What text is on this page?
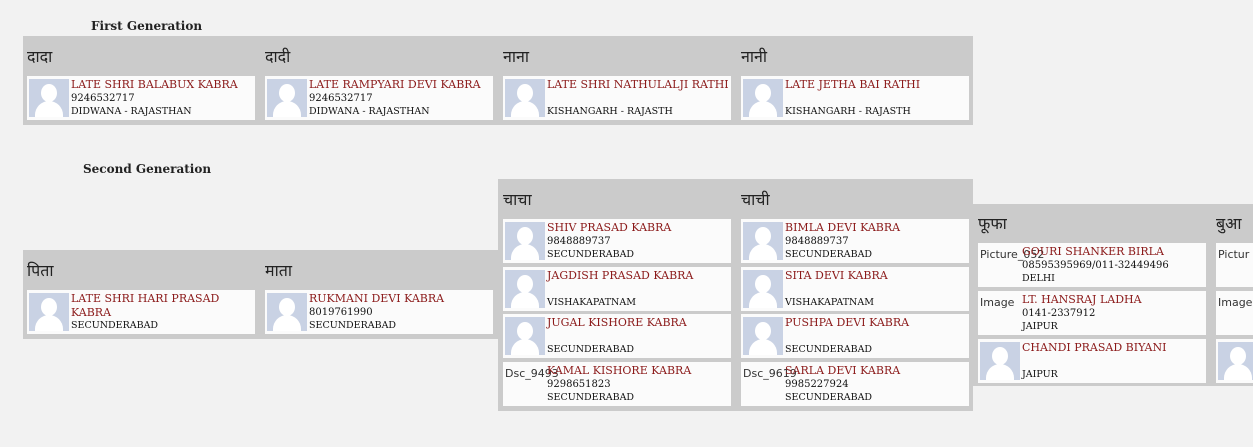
First Generation
दादा
LATE SHRI BALABUX KABRA
9246532717
DIDWANA - RAJASTHAN
दादी
LATE RAMPYARI DEVI KABRA
9246532717
DIDWANA - RAJASTHAN
नाना
LATE SHRI NATHULALJI RATHI
KISHANGARH - RAJASTH
नानी
LATE JETHA BAI RATHI
KISHANGARH - RAJASTH
Second Generation
पिता
LATE SHRI HARI PRASAD KABRA
SECUNDERABAD
माता
RUKMANI DEVI KABRA
8019761990
SECUNDERABAD
चाचा
SHIV PRASAD KABRA
9848889737
SECUNDERABAD
JAGDISH PRASAD KABRA
VISHAKAPATNAM
JUGAL KISHORE KABRA
SECUNDERABAD
Dsc_9493
KAMAL KISHORE KABRA
9298651823
SECUNDERABAD
चाची
BIMLA DEVI KABRA
9848889737
SECUNDERABAD
SITA DEVI KABRA
VISHAKAPATNAM
PUSHPA DEVI KABRA
SECUNDERABAD
Dsc_9619
SARLA DEVI KABRA
9985227924
SECUNDERABAD
फूफा
Picture_052
GOURI SHANKER BIRLA
08595395969/011-32449496
DELHI
Image LT. HANSRAJ LADHA
0141-2337912
JAIPUR
CHANDI PRASAD BIYANI
JAIPUR
बुआ
Pictur
Image
